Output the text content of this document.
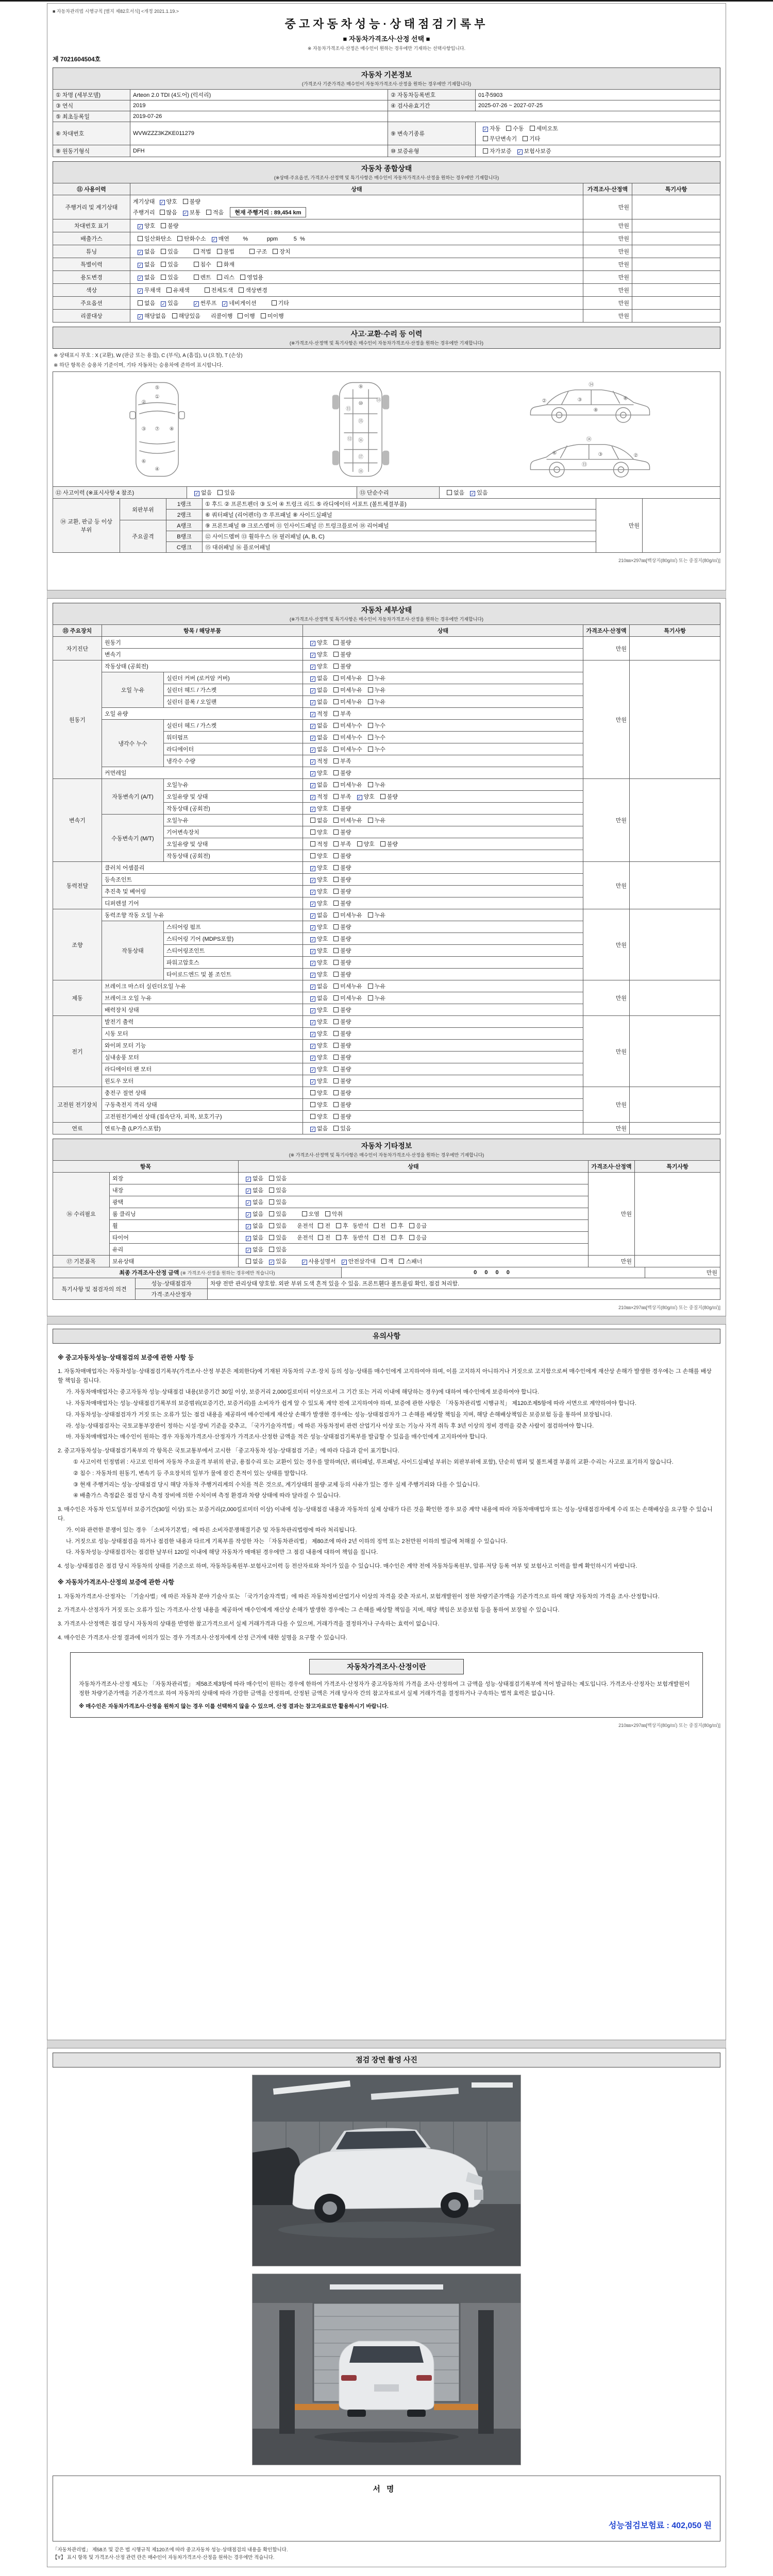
■ 자동차관리법 시행규칙 [별지 제82호서식] <개정 2021.1.19.>
중고자동차성능·상태점검기록부
■ 자동차가격조사·산정 선택 ■
※ 자동차가격조사·산정은 매수인이 원하는 경우에만 기재하는 선택사항입니다.
제 7021604504호
자동차 기본정보
(가격조사 기준가격은 매수인이 자동차가격조사·산정을 원하는 경우에만 기재합니다)
① 차명 (세부모델)	Arteon 2.0 TDI (4도어) (럭셔리)	② 자동차등록번호	01추5903
③ 연식	2019	④ 검사유효기간	2025-07-26 ~ 2027-07-25
⑤ 최초등록일	2019-07-26		
⑥ 차대번호	WVWZZZ3KZKE011279	⑨ 변속기종류	✓ 자동 수동 세미오토
무단변속기 기타

⑧ 원동기형식	DFH	⑩ 보증유형	자가보증 ✓ 보험사보증
자동차 종합상태
(※상태·주요옵션, 가격조사·산정액 및 특기사항은 매수인이 자동차가격조사·산정을 원하는 경우에만 기재합니다)
⑪ 사용이력	상태	가격조사·산정액	특기사항
주행거리 및 계기상태	계기상태 ✓ 양호 불량
주행거리 많음 ✓ 보통 적음 현재 주행거리 : 89,454 km	만원	
차대번호 표기	✓ 양호 불량	만원	
배출가스	일산화탄소 탄화수소 ✓ 매연        %            ppm          5  %	만원	
튜닝	✓ 없음 있음 적법 불법 구조 장치	만원	
특별이력	✓ 없음 있음 침수 화재	만원	
용도변경	✓ 없음 있음 렌트 리스 영업용	만원	
색상	✓ 무채색 유채색 전체도색 색상변경	만원	
주요옵션	없음 ✓ 있음 ✓ 썬루프 ✓ 네비게이션 기타	만원	
리콜대상	✓ 해당없음 해당있음 리콜이행 이행 미이행	만원	
사고·교환·수리 등 이력
(※가격조사·산정액 및 특기사항은 매수인이 자동차가격조사·산정을 원하는 경우에만 기재합니다)
※ 상태표시 부호 : X (교환), W (판금 또는 용접), C (부식), A (흠집), U (요철), T (손상)
※ 하단 항목은 승용차 기준이며, 기타 자동차는 승용차에 준하여 표시합니다.
⑤
①
②
⑦
③	⑧
⑥
④
⑨
⑩
⑪
⑬
⑮
⑫ ⑯
⑰
⑱
⑭
②	③	⑥
⑧
⑭
②
③
⑥
⑬
⑫ 사고이력 (※표시사항 4 참조)	✓ 없음 있음	⑬ 단순수리	없음 ✓ 있음
⑭ 교환, 판금 등 이상 부위	외판부위	1랭크	① 후드 ② 프론트펜더 ③ 도어 ④ 트렁크 리드 ⑤ 라디에이터 서포트 (볼트체결부품)	만원	
		2랭크	⑥ 쿼터패널 (리어펜더) ⑦ 루프패널 ⑧ 사이드실패널		
	주요골격	A랭크	⑨ 프론트패널 ⑩ 크로스멤버 ⑪ 인사이드패널 ⑰ 트렁크플로어 ⑱ 리어패널		
		B랭크	⑫ 사이드멤버 ⑬ 휠하우스 ⑭ 필러패널 (A, B, C)		
		C랭크	⑮ 대쉬패널 ⑯ 플로어패널		
210㎜×297㎜[백상지(80g/㎡) 또는 중질지(80g/㎡)]
자동차 세부상태
(※가격조사·산정액 및 특기사항은 매수인이 자동차가격조사·산정을 원하는 경우에만 기재합니다)
⑮ 주요장치	항목 / 해당부품		상태	가격조사·산정액	특기사항
자기진단	원동기		✓ 양호 불량	만원	
	변속기		✓ 양호 불량		
원동기	작동상태 (공회전)		✓ 양호 불량	만원	
	오일 누유	실린더 커버 (로커암 커버)	✓ 없음 미세누유 누유		
		실린더 헤드 / 가스켓	✓ 없음 미세누유 누유		
		실린더 블록 / 오일팬	✓ 없음 미세누유 누유		
	오일 유량		✓ 적정 부족		
	냉각수 누수	실린더 헤드 / 가스켓	✓ 없음 미세누수 누수		
		워터펌프	✓ 없음 미세누수 누수		
		라디에이터	✓ 없음 미세누수 누수		
		냉각수 수량	✓ 적정 부족		
	커먼레일		✓ 양호 불량		
변속기	자동변속기 (A/T)	오일누유	✓ 없음 미세누유 누유	만원	
		오일유량 및 상태	✓ 적정 부족 ✓ 양호 불량		
		작동상태 (공회전)	✓ 양호 불량		
	수동변속기 (M/T)	오일누유	없음 미세누유 누유		
		기어변속장치	양호 불량		
		오일유량 및 상태	적정 부족 양호 불량		
		작동상태 (공회전)	양호 불량		
동력전달	클러치 어셈블리		✓ 양호 불량	만원	
	등속조인트		✓ 양호 불량		
	추진축 및 베어링		✓ 양호 불량		
	디퍼렌셜 기어		✓ 양호 불량		
조향	동력조향 작동 오일 누유		✓ 없음 미세누유 누유	만원	
	작동상태	스티어링 펌프	✓ 양호 불량		
		스티어링 기어 (MDPS포함)	✓ 양호 불량		
		스티어링조인트	✓ 양호 불량		
		파워고압호스	✓ 양호 불량		
		타이로드엔드 및 볼 조인트	✓ 양호 불량		
제동	브레이크 마스터 실린더오일 누유		✓ 없음 미세누유 누유	만원	
	브레이크 오일 누유		✓ 없음 미세누유 누유		
	배력장치 상태		✓ 양호 불량		
전기	발전기 출력		✓ 양호 불량	만원	
	시동 모터		✓ 양호 불량		
	와이퍼 모터 기능		✓ 양호 불량		
	실내송풍 모터		✓ 양호 불량		
	라디에이터 팬 모터		✓ 양호 불량		
	윈도우 모터		✓ 양호 불량		
고전원 전기장치	충전구 절연 상태		양호 불량	만원	
	구동축전지 격리 상태		양호 불량		
	고전원전기배선 상태 (접속단자, 피복, 보호기구)		양호 불량		
연료	연료누출 (LP가스포함)		✓ 없음 있음	만원	
자동차 기타정보
(※ 가격조사·산정액 및 특기사항은 매수인이 자동차가격조사·산정을 원하는 경우에만 기재합니다)
항목		상태	가격조사·산정액	특기사항
⑯ 수리필요	외장	✓ 없음 있음	만원	
	내장	✓ 없음 있음		
	광택	✓ 없음 있음		
	룸 클리닝	✓ 없음 있음 오염 악취		
	휠	✓ 없음 있음 운전석 전 후  동반석 전 후 응급		
	타이어	✓ 없음 있음 운전석 전 후  동반석 전 후 응급		
	유리	✓ 없음 있음		
⑰ 기본품목	보유상태	없음 ✓ 있음 ✓ 사용설명서 ✓ 안전삼각대 잭 스패너	만원	
최종 가격조사·산정 금액 (※ 가격조사·산정을 원하는 경우에만 적습니다)	0 0 0 0	만원
특기사항 및 점검자의 의견	성능·상태점검자	차량 전반 관리상태 양호함. 외판 부위 도색 흔적 있을 수 있음. 프론트휀다 볼트풀림 확인, 점검 처리함.
	가격·조사산정자	
210㎜×297㎜[백상지(80g/㎡) 또는 중질지(80g/㎡)]
유의사항
※ 중고자동차성능·상태점검의 보증에 관한 사항 등
1. 자동차매매업자는 자동차성능·상태점검기록부(가격조사·산정 부분은 제외한다)에 기재된 자동차의 구조·장치 등의 성능·상태를 매수인에게 고지하여야 하며, 이를 고지하지 아니하거나 거짓으로 고지함으로써 매수인에게 재산상 손해가 발생한 경우에는 그 손해를 배상할 책임을 집니다.
가. 자동차매매업자는 중고자동차 성능·상태점검 내용(보증기간 30일 이상, 보증거리 2,000킬로미터 이상으로서 그 기간 또는 거리 이내에 해당하는 경우)에 대하여 매수인에게 보증하여야 합니다.
나. 자동차매매업자는 성능·상태점검기록부의 보증범위(보증기간, 보증거리)를 소비자가 쉽게 알 수 있도록 계약 전에 고지하여야 하며, 보증에 관한 사항은 「자동차관리법 시행규칙」 제120조제5항에 따라 서면으로 계약하여야 합니다.
다. 자동차성능·상태점검자가 거짓 또는 오류가 있는 점검 내용을 제공하여 매수인에게 재산상 손해가 발생한 경우에는 성능·상태점검자가 그 손해를 배상할 책임을 지며, 해당 손해배상책임은 보증보험 등을 통하여 보장됩니다.
라. 성능·상태점검자는 국토교통부장관이 정하는 시설·장비 기준을 갖추고, 「국가기술자격법」에 따른 자동차정비 관련 산업기사 이상 또는 기능사 자격 취득 후 3년 이상의 정비 경력을 갖춘 사람이 점검하여야 합니다.
마. 자동차매매업자는 매수인이 원하는 경우 자동차가격조사·산정자가 가격조사·산정한 금액을 적은 성능·상태점검기록부를 발급할 수 있음을 매수인에게 고지하여야 합니다.
2. 중고자동차성능·상태점검기록부의 각 항목은 국토교통부에서 고시한 「중고자동차 성능·상태점검 기준」에 따라 다음과 같이 표기합니다.
① 사고이력 인정범위 : 사고로 인하여 자동차 주요골격 부위의 판금, 용접수리 또는 교환이 있는 경우를 말하며(단, 쿼터패널, 루프패널, 사이드실패널 부위는 외판부위에 포함), 단순히 범퍼 및 볼트체결 부품의 교환·수리는 사고로 표기하지 않습니다.
② 침수 : 자동차의 원동기, 변속기 등 주요장치의 일부가 물에 잠긴 흔적이 있는 상태를 말합니다.
③ 현재 주행거리는 성능·상태점검 당시 해당 자동차 주행거리계의 수치를 적은 것으로, 계기상태의 불량·교체 등의 사유가 있는 경우 실제 주행거리와 다를 수 있습니다.
④ 배출가스 측정값은 점검 당시 측정 장비에 의한 수치이며 측정 환경과 차량 상태에 따라 달라질 수 있습니다.
3. 매수인은 자동차 인도일부터 보증기간(30일 이상) 또는 보증거리(2,000킬로미터 이상) 이내에 성능·상태점검 내용과 자동차의 실제 상태가 다른 것을 확인한 경우 보증 계약 내용에 따라 자동차매매업자 또는 성능·상태점검자에게 수리 또는 손해배상을 요구할 수 있습니다.
가. 이와 관련한 분쟁이 있는 경우 「소비자기본법」에 따른 소비자분쟁해결기준 및 자동차관리법령에 따라 처리됩니다.
나. 거짓으로 성능·상태점검을 하거나 점검한 내용과 다르게 기록부를 작성한 자는 「자동차관리법」 제80조에 따라 2년 이하의 징역 또는 2천만원 이하의 벌금에 처해질 수 있습니다.
다. 자동차성능·상태점검자는 점검한 날부터 120일 이내에 해당 자동차가 매매된 경우에만 그 점검 내용에 대하여 책임을 집니다.
4. 성능·상태점검은 점검 당시 자동차의 상태를 기준으로 하며, 자동차등록원부·보험사고이력 등 전산자료와 차이가 있을 수 있습니다. 매수인은 계약 전에 자동차등록원부, 압류·저당 등록 여부 및 보험사고 이력을 함께 확인하시기 바랍니다.
※ 자동차가격조사·산정의 보증에 관한 사항
1. 자동차가격조사·산정자는 「기술사법」에 따른 자동차 분야 기술사 또는 「국가기술자격법」에 따른 자동차정비산업기사 이상의 자격을 갖춘 자로서, 보험개발원이 정한 차량기준가액을 기준가격으로 하여 해당 자동차의 가격을 조사·산정합니다.
2. 가격조사·산정자가 거짓 또는 오류가 있는 가격조사·산정 내용을 제공하여 매수인에게 재산상 손해가 발생한 경우에는 그 손해를 배상할 책임을 지며, 해당 책임은 보증보험 등을 통하여 보장될 수 있습니다.
3. 가격조사·산정액은 점검 당시 자동차의 상태를 반영한 참고가격으로서 실제 거래가격과 다를 수 있으며, 거래가격을 결정하거나 구속하는 효력이 없습니다.
4. 매수인은 가격조사·산정 결과에 이의가 있는 경우 가격조사·산정자에게 산정 근거에 대한 설명을 요구할 수 있습니다.
자동차가격조사·산정이란
자동차가격조사·산정 제도는 「자동차관리법」 제58조제3항에 따라 매수인이 원하는 경우에 한하여 가격조사·산정자가 중고자동차의 가격을 조사·산정하여 그 금액을 성능·상태점검기록부에 적어 발급하는 제도입니다. 가격조사·산정자는 보험개발원이 정한 차량기준가액을 기준가격으로 하여 자동차의 상태에 따라 가감한 금액을 산정하며, 산정된 금액은 거래 당사자 간의 참고자료로서 실제 거래가격을 결정하거나 구속하는 법적 효력은 없습니다.
※ 매수인은 자동차가격조사·산정을 원하지 않는 경우 이를 선택하지 않을 수 있으며, 산정 결과는 참고자료로만 활용하시기 바랍니다.
210㎜×297㎜[백상지(80g/㎡) 또는 중질지(80g/㎡)]
점검 장면 촬영 사진
서명
성능점검보험료 : 402,050 원
「자동차관리법」 제58조 및 같은 법 시행규칙 제120조에 따라 중고자동차 성능·상태점검의 내용을 확인합니다.
【Y】 표시 항목 및 가격조사·산정 관련 란은 매수인이 자동차가격조사·산정을 원하는 경우에만 적습니다.
